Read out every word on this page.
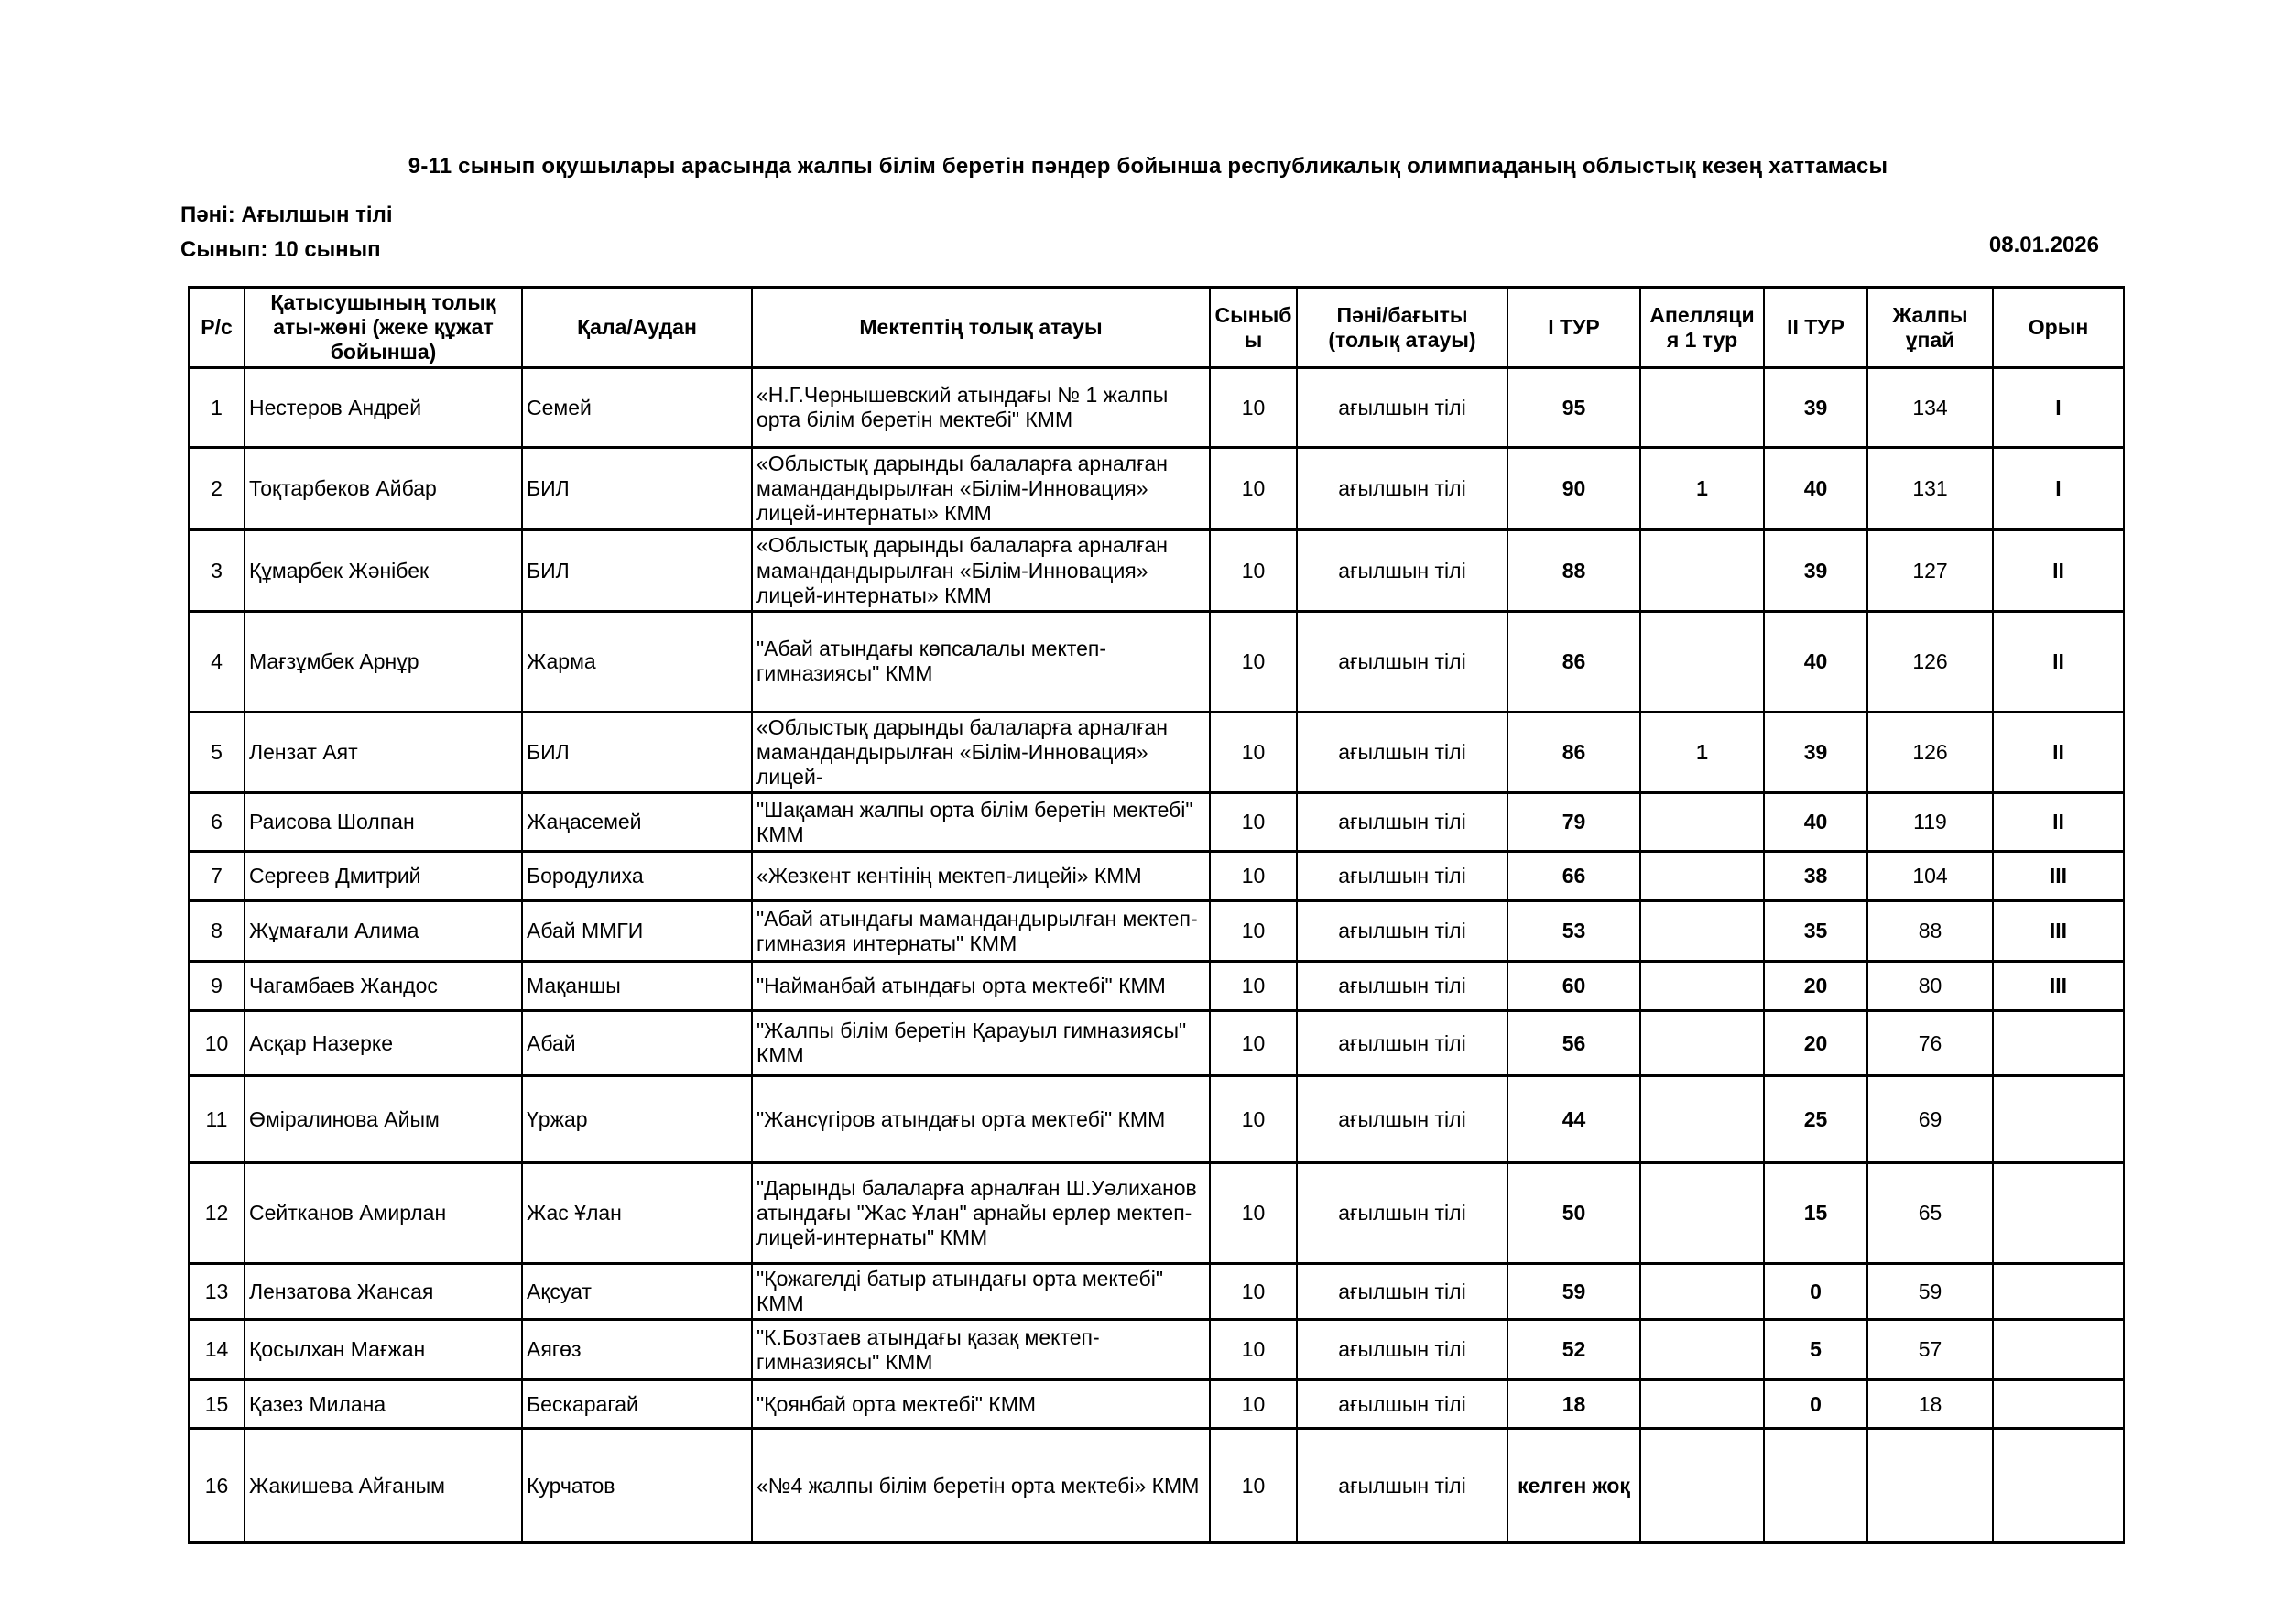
9-11 сынып оқушылары арасында жалпы білім беретін пәндер бойынша республикалық олимпиаданың облыстық кезең хаттамасы
Пәні: Ағылшын тілі
Сынып: 10 сынып	08.01.2026
Р/с	Қатысушының толық аты-жөні (жеке құжат бойынша)	Қала/Аудан	Мектептің толық атауы	Сыныбы	Пәні/бағыты (толық атауы)	I ТУР	Апелляция 1 тур	II ТУР	Жалпы ұпай	Орын
1	Нестеров Андрей	Семей	«Н.Г.Чернышевский атындағы № 1 жалпы орта білім беретін мектебі" КММ	10	ағылшын тілі	95		39	134	I
2	Тоқтарбеков Айбар	БИЛ	«Облыстық дарынды балаларға арналған мамандандырылған «Білім-Инновация» лицей-интернаты» КММ	10	ағылшын тілі	90	1	40	131	I
3	Құмарбек Жәнібек	БИЛ	«Облыстық дарынды балаларға арналған мамандандырылған «Білім-Инновация» лицей-интернаты» КММ	10	ағылшын тілі	88		39	127	II
4	Мағзұмбек Арнұр	Жарма	"Абай атындағы көпсалалы мектеп-гимназиясы" КММ	10	ағылшын тілі	86		40	126	II
5	Лензат Аят	БИЛ	«Облыстық дарынды балаларға арналған мамандандырылған «Білім-Инновация» лицей-	10	ағылшын тілі	86	1	39	126	II
6	Раисова Шолпан	Жаңасемей	"Шақаман жалпы орта білім беретін мектебі" КММ	10	ағылшын тілі	79		40	119	II
7	Сергеев Дмитрий	Бородулиха	«Жезкент кентінің мектеп-лицейі» КММ	10	ағылшын тілі	66		38	104	III
8	Жұмағали Алима	Абай ММГИ	"Абай атындағы мамандандырылған мектеп-гимназия интернаты" КММ	10	ағылшын тілі	53		35	88	III
9	Чагамбаев Жандос	Мақаншы	"Найманбай атындағы орта мектебі" КММ	10	ағылшын тілі	60		20	80	III
10	Асқар Назерке	Абай	"Жалпы білім беретін Қарауыл гимназиясы" КММ	10	ағылшын тілі	56		20	76	
11	Өміралинова Айым	Үржар	"Жансүгіров атындағы орта мектебі" КММ	10	ағылшын тілі	44		25	69	
12	Сейтканов Амирлан	Жас Ұлан	"Дарынды балаларға арналған Ш.Уәлиханов атындағы "Жас Ұлан" арнайы ерлер мектеп-лицей-интернаты" КММ	10	ағылшын тілі	50		15	65	
13	Лензатова Жансая	Ақсуат	"Қожагелді батыр атындағы орта мектебі" КММ	10	ағылшын тілі	59		0	59	
14	Қосылхан Мағжан	Аягөз	"К.Бозтаев атындағы қазақ мектеп-гимназиясы" КММ	10	ағылшын тілі	52		5	57	
15	Қазез Милана	Бескарагай	"Қоянбай орта мектебі" КММ	10	ағылшын тілі	18		0	18	
16	Жакишева Айғаным	Курчатов	«№4 жалпы білім беретін орта мектебі» КММ	10	ағылшын тілі	келген жоқ				
